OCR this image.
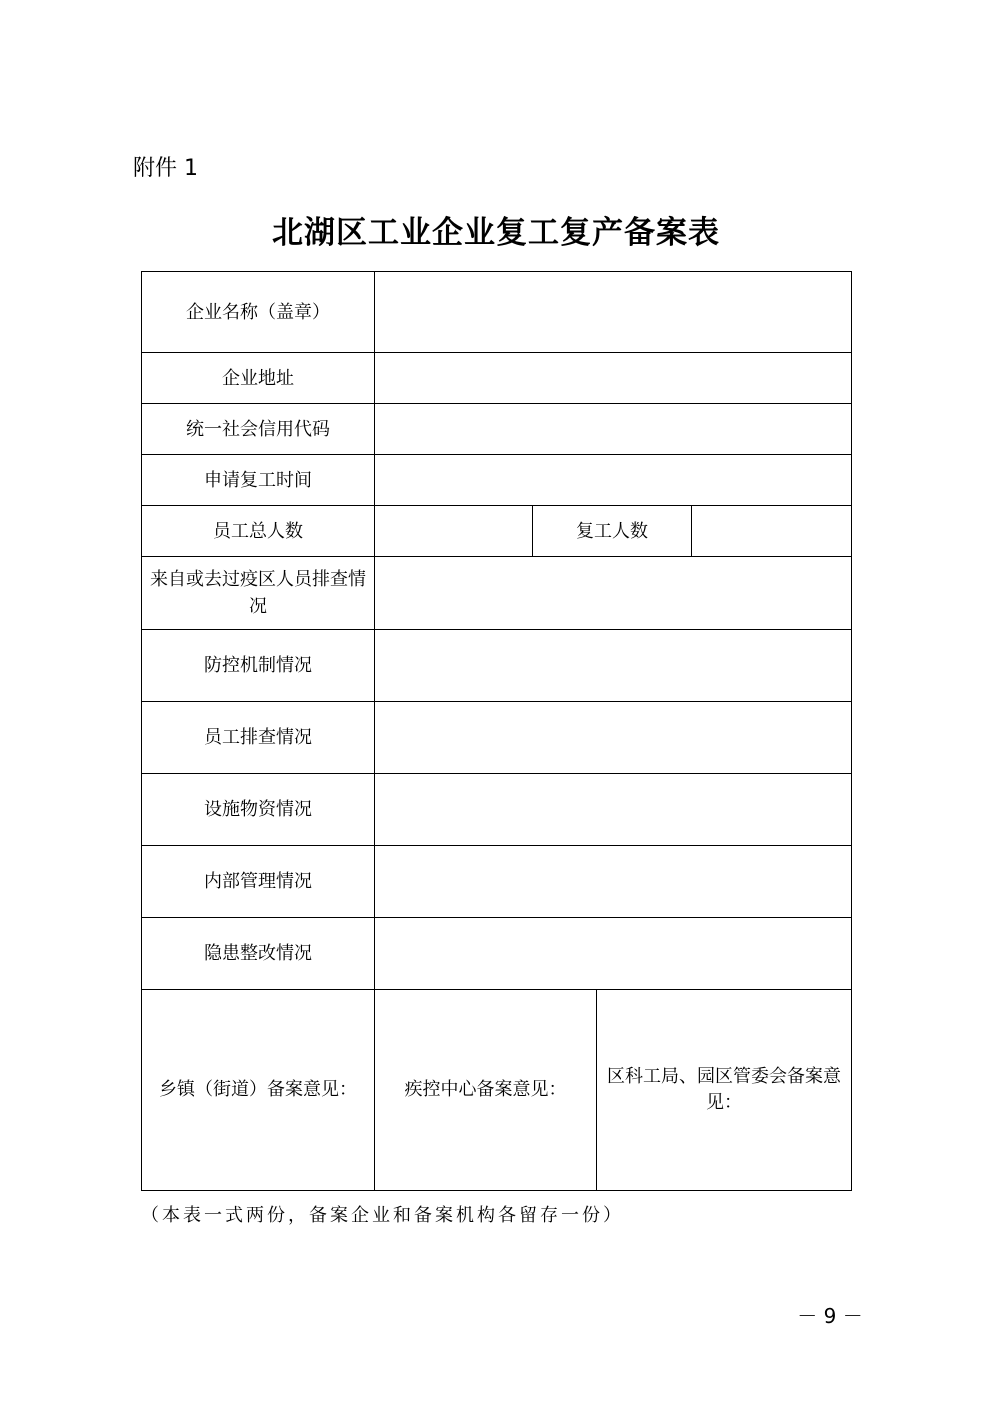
附件 1
北湖区工业企业复工复产备案表
企业名称（盖章）				
企业地址				
统一社会信用代码				
申请复工时间				
员工总人数		复工人数		
来自或去过疫区人员排查情况				
防控机制情况				
员工排查情况				
设施物资情况				
内部管理情况				
隐患整改情况				
乡镇（街道）备案意见：	疾控中心备案意见：		区科工局、园区管委会备案意见：	
（本表一式两份，备案企业和备案机构各留存一份）
－ 9 －
